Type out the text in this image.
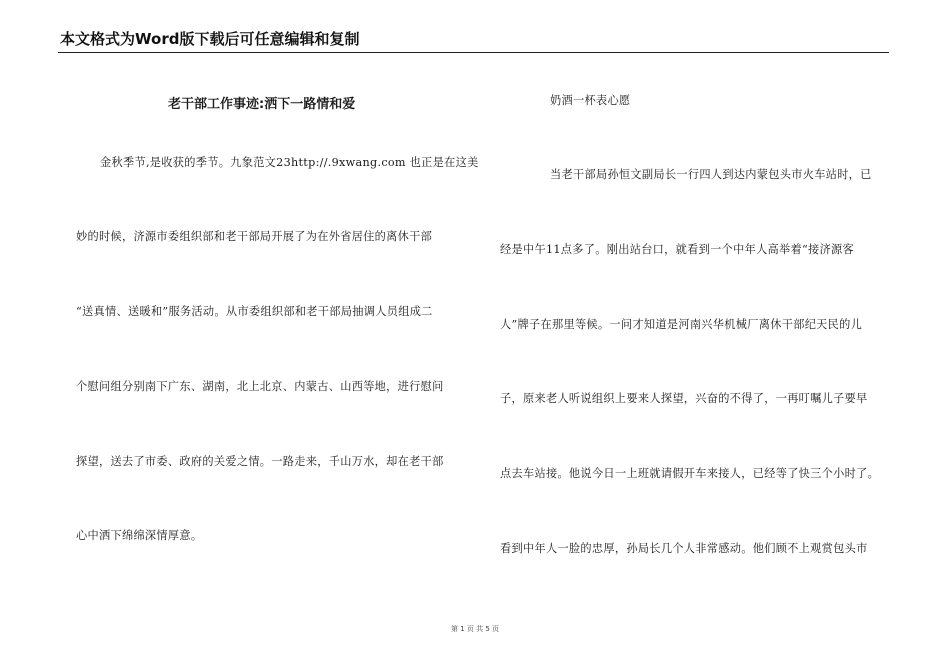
本文格式为Word版下载后可任意编辑和复制
老干部工作事迹:洒下一路情和爱
金秋季节,是收获的季节。九象范文23http://.9xwang.com 也正是在这美
妙的时候，济源市委组织部和老干部局开展了为在外省居住的离休干部
“送真情、送暖和”服务活动。从市委组织部和老干部局抽调人员组成二
个慰问组分别南下广东、湖南，北上北京、内蒙古、山西等地，进行慰问
探望，送去了市委、政府的关爱之情。一路走来，千山万水，却在老干部
心中洒下绵绵深情厚意。
奶酒一杯表心愿
当老干部局孙恒文副局长一行四人到达内蒙包头市火车站时，已
经是中午11点多了。刚出站台口，就看到一个中年人高举着“接济源客
人”牌子在那里等候。一问才知道是河南兴华机械厂离休干部纪天民的儿
子，原来老人听说组织上要来人探望，兴奋的不得了，一再叮嘱儿子要早
点去车站接。他说今日一上班就请假开车来接人，已经等了快三个小时了。
看到中年人一脸的忠厚，孙局长几个人非常感动。他们顾不上观赏包头市
第 1 页 共 5 页
